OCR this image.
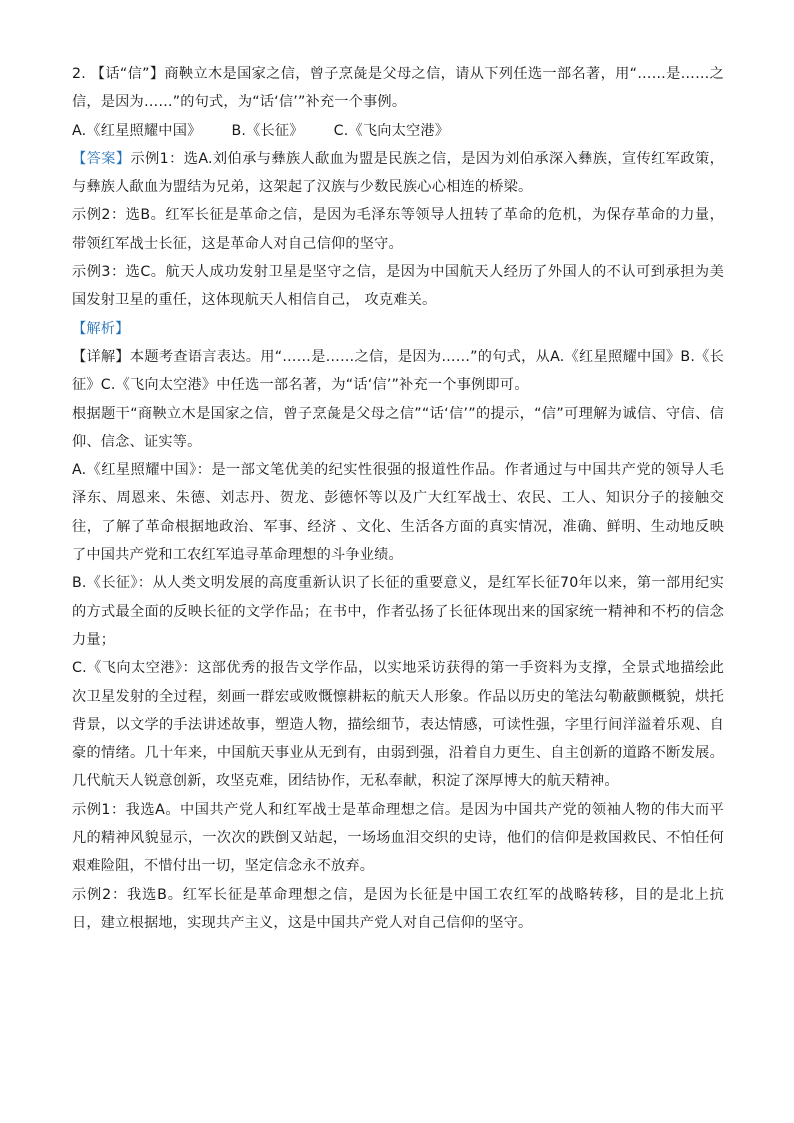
2. 【话“信”】商鞅立木是国家之信，曾子烹彘是父母之信，请从下列任选一部名著，用“……是……之信，是因为……”的句式，为“话‘信’”补充一个事例。

A.《红星照耀中国》 B.《长征》 C.《飞向太空港》

【答案】示例1：选A.刘伯承与彝族人歃血为盟是民族之信，是因为刘伯承深入彝族，宣传红军政策，与彝族人歃血为盟结为兄弟，这架起了汉族与少数民族心心相连的桥梁。

示例2：选B。红军长征是革命之信，是因为毛泽东等领导人扭转了革命的危机，为保存革命的力量，带领红军战士长征，这是革命人对自己信仰的坚守。

示例3：选C。航天人成功发射卫星是坚守之信，是因为中国航天人经历了外国人的不认可到承担为美国发射卫星的重任，这体现航天人相信自己， 攻克难关。

【解析】

【详解】本题考查语言表达。用“……是……之信，是因为……”的句式，从A.《红星照耀中国》B.《长征》C.《飞向太空港》中任选一部名著，为“话‘信’”补充一个事例即可。

根据题干“商鞅立木是国家之信，曾子烹彘是父母之信”“话‘信’”的提示，“信”可理解为诚信、守信、信仰、信念、证实等。

A.《红星照耀中国》：是一部文笔优美的纪实性很强的报道性作品。作者通过与中国共产党的领导人毛泽东、周恩来、朱德、刘志丹、贺龙、彭德怀等以及广大红军战士、农民、工人、知识分子的接触交往，了解了革命根据地政治、军事、经济 、文化、生活各方面的真实情况，准确、鲜明、生动地反映了中国共产党和工农红军追寻革命理想的斗争业绩。

B.《长征》：从人类文明发展的高度重新认识了长征的重要意义，是红军长征70年以来，第一部用纪实的方式最全面的反映长征的文学作品；在书中，作者弘扬了长征体现出来的国家统一精神和不朽的信念力量；

C.《飞向太空港》：这部优秀的报告文学作品，以实地采访获得的第一手资料为支撑，全景式地描绘此次卫星发射的全过程，刻画一群宏或败慨懔耕耘的航天人形象。作品以历史的笔法勾勒蔽颤概貌，烘托背景，以文学的手法讲述故事，塑造人物，描绘细节，表达情感，可读性强，字里行间洋溢着乐观、自豪的情绪。几十年来，中国航天事业从无到有，由弱到强，沿着自力更生、自主创新的道路不断发展。几代航天人锐意创新，攻坚克难，团结协作，无私奉献，积淀了深厚博大的航天精神。

示例1：我选A。中国共产党人和红军战士是革命理想之信。是因为中国共产党的领袖人物的伟大而平凡的精神风貌显示，一次次的跌倒又站起，一场场血泪交织的史诗，他们的信仰是救国救民、不怕任何艰难险阻，不惜付出一切，坚定信念永不放弃。

示例2：我选B。红军长征是革命理想之信，是因为长征是中国工农红军的战略转移，目的是北上抗日，建立根据地，实现共产主义，这是中国共产党人对自己信仰的坚守。
